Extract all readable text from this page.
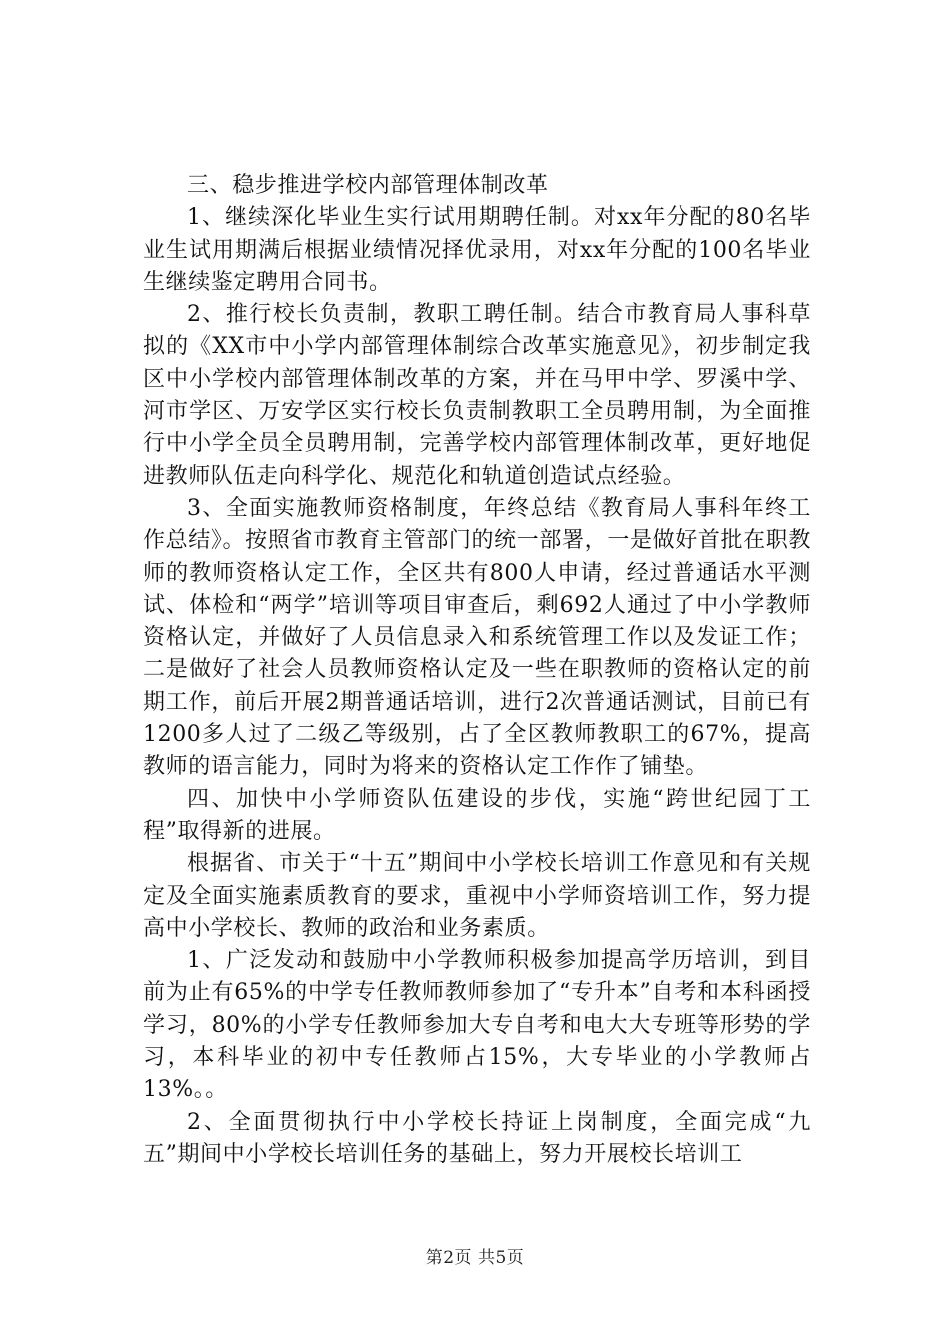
三、稳步推进学校内部管理体制改革

1、继续深化毕业生实行试用期聘任制。对xx年分配的80名毕业生试用期满后根据业绩情况择优录用，对xx年分配的100名毕业生继续鉴定聘用合同书。

2、推行校长负责制，教职工聘任制。结合市教育局人事科草拟的《XX市中小学内部管理体制综合改革实施意见》，初步制定我区中小学校内部管理体制改革的方案，并在马甲中学、罗溪中学、河市学区、万安学区实行校长负责制教职工全员聘用制，为全面推行中小学全员全员聘用制，完善学校内部管理体制改革，更好地促进教师队伍走向科学化、规范化和轨道创造试点经验。

3、全面实施教师资格制度，年终总结《教育局人事科年终工作总结》。按照省市教育主管部门的统一部署，一是做好首批在职教师的教师资格认定工作，全区共有800人申请，经过普通话水平测试、体检和“两学”培训等项目审查后，剩692人通过了中小学教师资格认定，并做好了人员信息录入和系统管理工作以及发证工作；二是做好了社会人员教师资格认定及一些在职教师的资格认定的前期工作，前后开展2期普通话培训，进行2次普通话测试，目前已有1200多人过了二级乙等级别，占了全区教师教职工的67%，提高教师的语言能力，同时为将来的资格认定工作作了铺垫。

四、加快中小学师资队伍建设的步伐，实施“跨世纪园丁工程”取得新的进展。

根据省、市关于“十五”期间中小学校长培训工作意见和有关规定及全面实施素质教育的要求，重视中小学师资培训工作，努力提高中小学校长、教师的政治和业务素质。

1、广泛发动和鼓励中小学教师积极参加提高学历培训，到目前为止有65%的中学专任教师教师参加了“专升本”自考和本科函授学习，80%的小学专任教师参加大专自考和电大大专班等形势的学习，本科毕业的初中专任教师占15%，大专毕业的小学教师占13%。。

2、全面贯彻执行中小学校长持证上岗制度，全面完成“九五”期间中小学校长培训任务的基础上，努力开展校长培训工

第2页 共5页
